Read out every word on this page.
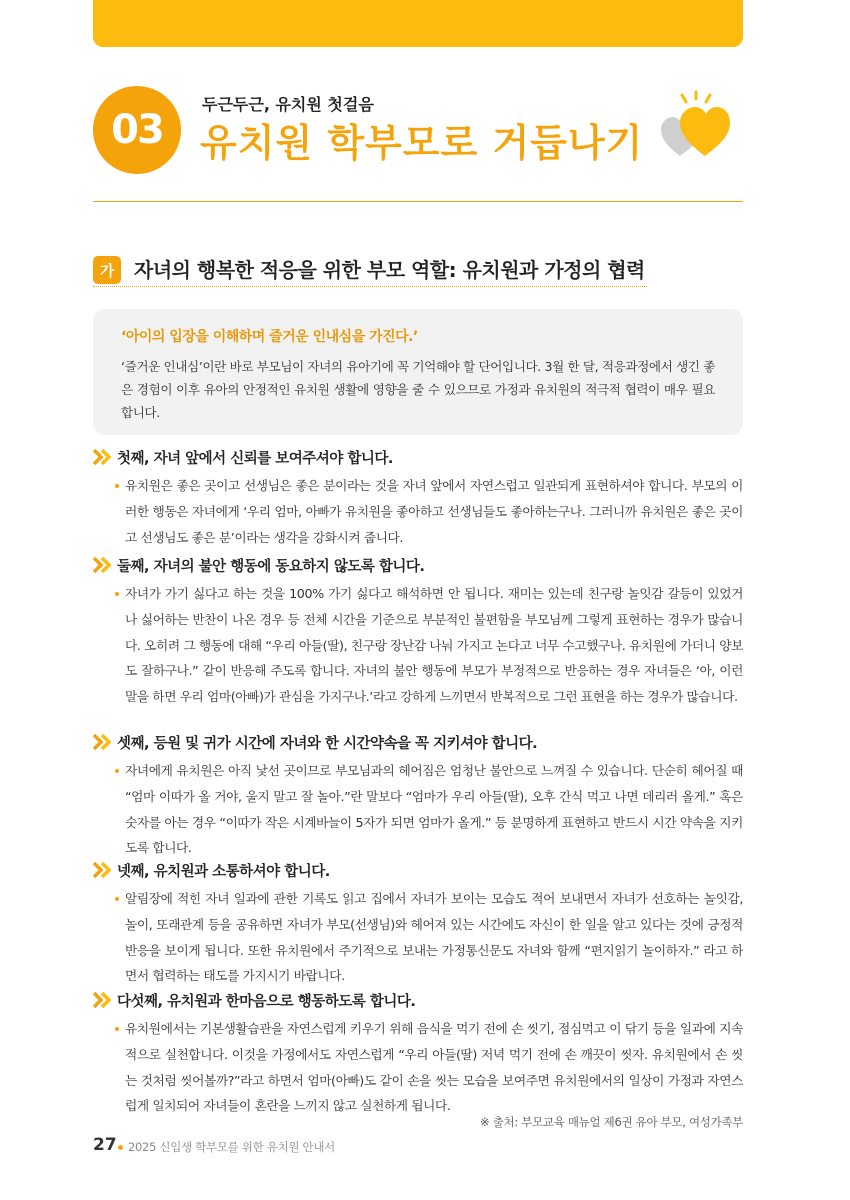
03
두근두근, 유치원 첫걸음
유치원 학부모로 거듭나기
가 자녀의 행복한 적응을 위한 부모 역할: 유치원과 가정의 협력
‘아이의 입장을 이해하며 즐거운 인내심을 가진다.’
‘즐거운 인내심’이란 바로 부모님이 자녀의 유아기에 꼭 기억해야 할 단어입니다. 3월 한 달, 적응과정에서 생긴 좋은 경험이 이후 유아의 안정적인 유치원 생활에 영향을 줄 수 있으므로 가정과 유치원의 적극적 협력이 매우 필요합니다.
첫째, 자녀 앞에서 신뢰를 보여주셔야 합니다.
유치원은 좋은 곳이고 선생님은 좋은 분이라는 것을 자녀 앞에서 자연스럽고 일관되게 표현하셔야 합니다. 부모의 이러한 행동은 자녀에게 ‘우리 엄마, 아빠가 유치원을 좋아하고 선생님들도 좋아하는구나. 그러니까 유치원은 좋은 곳이고 선생님도 좋은 분’이라는 생각을 강화시켜 줍니다.
둘째, 자녀의 불안 행동에 동요하지 않도록 합니다.
자녀가 가기 싫다고 하는 것을 100% 가기 싫다고 해석하면 안 됩니다. 재미는 있는데 친구랑 놀잇감 갈등이 있었거나 싫어하는 반찬이 나온 경우 등 전체 시간을 기준으로 부분적인 불편함을 부모님께 그렇게 표현하는 경우가 많습니다. 오히려 그 행동에 대해 “우리 아들(딸), 친구랑 장난감 나눠 가지고 논다고 너무 수고했구나. 유치원에 가더니 양보도 잘하구나.” 같이 반응해 주도록 합니다. 자녀의 불안 행동에 부모가 부정적으로 반응하는 경우 자녀들은 ‘아, 이런 말을 하면 우리 엄마(아빠)가 관심을 가지구나.’라고 강하게 느끼면서 반복적으로 그런 표현을 하는 경우가 많습니다.
셋째, 등원 및 귀가 시간에 자녀와 한 시간약속을 꼭 지키셔야 합니다.
자녀에게 유치원은 아직 낯선 곳이므로 부모님과의 헤어짐은 엄청난 불안으로 느껴질 수 있습니다. 단순히 헤어질 때 “엄마 이따가 올 거야, 울지 말고 잘 놀아.”란 말보다 “엄마가 우리 아들(딸), 오후 간식 먹고 나면 데리러 올게.” 혹은 숫자를 아는 경우 “이따가 작은 시계바늘이 5자가 되면 엄마가 올게.” 등 분명하게 표현하고 반드시 시간 약속을 지키도록 합니다.
넷째, 유치원과 소통하셔야 합니다.
알림장에 적힌 자녀 일과에 관한 기록도 읽고 집에서 자녀가 보이는 모습도 적어 보내면서 자녀가 선호하는 놀잇감, 놀이, 또래관계 등을 공유하면 자녀가 부모(선생님)와 헤어져 있는 시간에도 자신이 한 일을 알고 있다는 것에 긍정적 반응을 보이게 됩니다. 또한 유치원에서 주기적으로 보내는 가정통신문도 자녀와 함께 “편지읽기 놀이하자.” 라고 하면서 협력하는 태도를 가지시기 바랍니다.
다섯째, 유치원과 한마음으로 행동하도록 합니다.
유치원에서는 기본생활습관을 자연스럽게 키우기 위해 음식을 먹기 전에 손 씻기, 점심먹고 이 닦기 등을 일과에 지속적으로 실천합니다. 이것을 가정에서도 자연스럽게 “우리 아들(딸) 저녁 먹기 전에 손 깨끗이 씻자. 유치원에서 손 씻는 것처럼 씻어볼까?”라고 하면서 엄마(아빠)도 같이 손을 씻는 모습을 보여주면 유치원에서의 일상이 가정과 자연스럽게 일치되어 자녀들이 혼란을 느끼지 않고 실천하게 됩니다.
※ 출처: 부모교육 매뉴얼 제6권 유아 부모, 여성가족부
27 2025 신입생 학부모를 위한 유치원 안내서
